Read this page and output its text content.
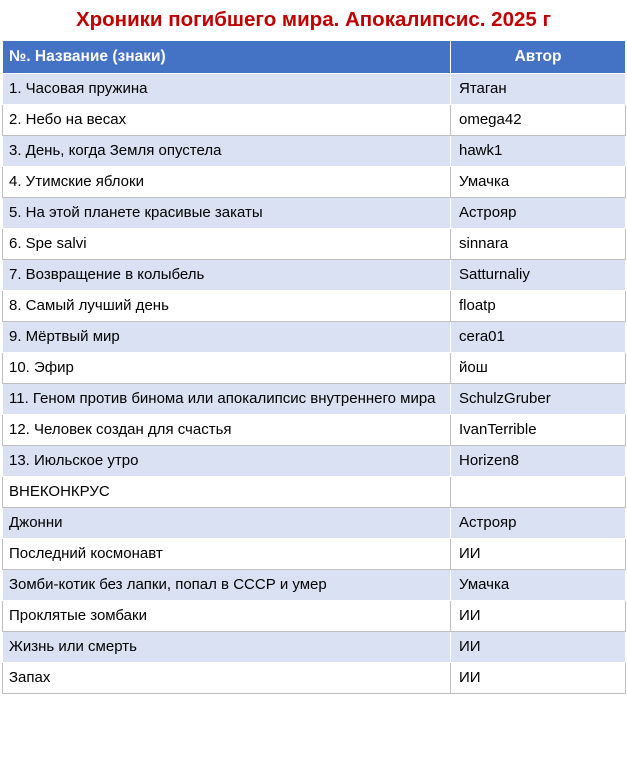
Хроники погибшего мира. Апокалипсис. 2025 г
№. Название (знаки)	Автор
1. Часовая пружина	Ятаган
2. Небо на весах	omega42
3. День, когда Земля опустела	hawk1
4. Утимские яблоки	Умачка
5. На этой планете красивые закаты	Астрояр
6. Spe salvi	sinnara
7. Возвращение в колыбель	Satturnaliy
8. Самый лучший день	floatp
9. Мёртвый мир	cera01
10. Эфир	йош
11. Геном против бинома или апокалипсис внутреннего мира	SchulzGruber
12. Человек создан для счастья	IvanTerrible
13. Июльское утро	Horizen8
ВНЕКОНКРУС	
Джонни	Астрояр
Последний космонавт	ИИ
Зомби-котик без лапки, попал в СССР и умер	Умачка
Проклятые зомбаки	ИИ
Жизнь или смерть	ИИ
Запах	ИИ
